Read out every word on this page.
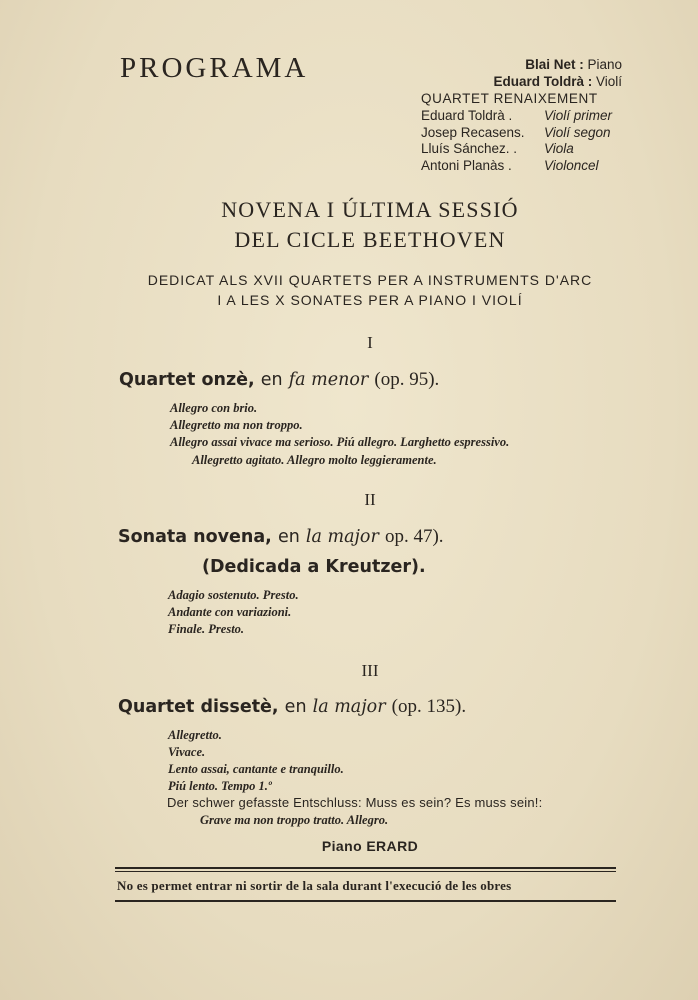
PROGRAMA	Blai Net : Piano
Eduard Toldrà : Violí
QUARTET RENAIXEMENT
Eduard Toldrà . Violí primer
Josep Recasens. Violí segon
Lluís Sánchez. . Viola
Antoni Planàs . Violoncel
NOVENA I ÚLTIMA SESSIÓ
DEL CICLE BEETHOVEN
DEDICAT ALS XVII QUARTETS PER A INSTRUMENTS D'ARC
I A LES X SONATES PER A PIANO I VIOLÍ
I
Quartet onzè, en fa menor (op. 95).
Allegro con brio.
Allegretto ma non troppo.
Allegro assai vivace ma serioso. Piú allegro. Larghetto espressivo.
Allegretto agitato. Allegro molto leggieramente.
II
Sonata novena, en la major op. 47).
(Dedicada a Kreutzer).
Adagio sostenuto. Presto.
Andante con variazioni.
Finale. Presto.
III
Quartet dissetè, en la major (op. 135).
Allegretto.
Vivace.
Lento assai, cantante e tranquillo.
Piú lento. Tempo 1.º
Der schwer gefasste Entschluss: Muss es sein? Es muss sein!:
Grave ma non troppo tratto. Allegro.
Piano ERARD
No es permet entrar ni sortir de la sala durant l'execució de les obres
